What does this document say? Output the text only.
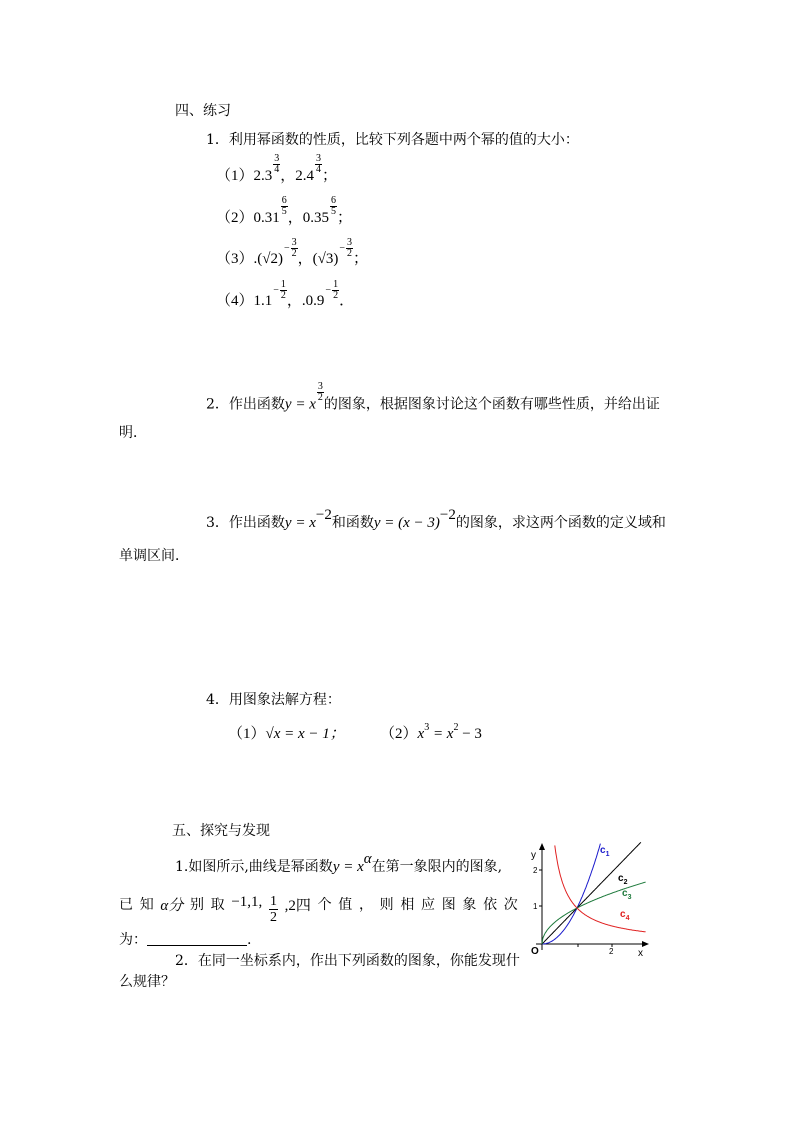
四、练习
1．利用幂函数的性质，比较下列各题中两个幂的值的大小：
（1）2.3
$\frac{3}{4}$
，2.4
$\frac{3}{4}$
；
（2）0.31
$\frac{6}{5}$
，0.35
$\frac{6}{5}$
；
$(3).(√2)- \frac{3}{2}$ ，$(√3)- \frac{3}{2}$ ；
$(4)1.1- \frac{1}{2}$ ，$.0.9- \frac{1}{2}$ ．
2．作出函数y = x
$\frac{3}{2}$
的图象，根据图象讨论这个函数有哪些性质，并给出证
明．
3．作出函数$y = x^{-2}$和函数$y = (x - 3)^{-2}$的图象，求这两个函数的定义域和
单调区间．
4．用图象法解方程：
（1）√x = x − 1； $(2)x^3 = x^2 - 3$
五、探究与发现
1.如图所示,曲线是幂函数$y = x^\alpha$在第一象限内的图象,
已 知 α分 别 取 −1,1, 1
2
,2四 个 值 ， 则 相 应 图 象 依 次
为：	.
2．在同一坐标系内，作出下列函数的图象，你能发现什
么规律？
y
x
O
2
1
2
$c_1$
$c_2$
$c_3$
$c_4$
